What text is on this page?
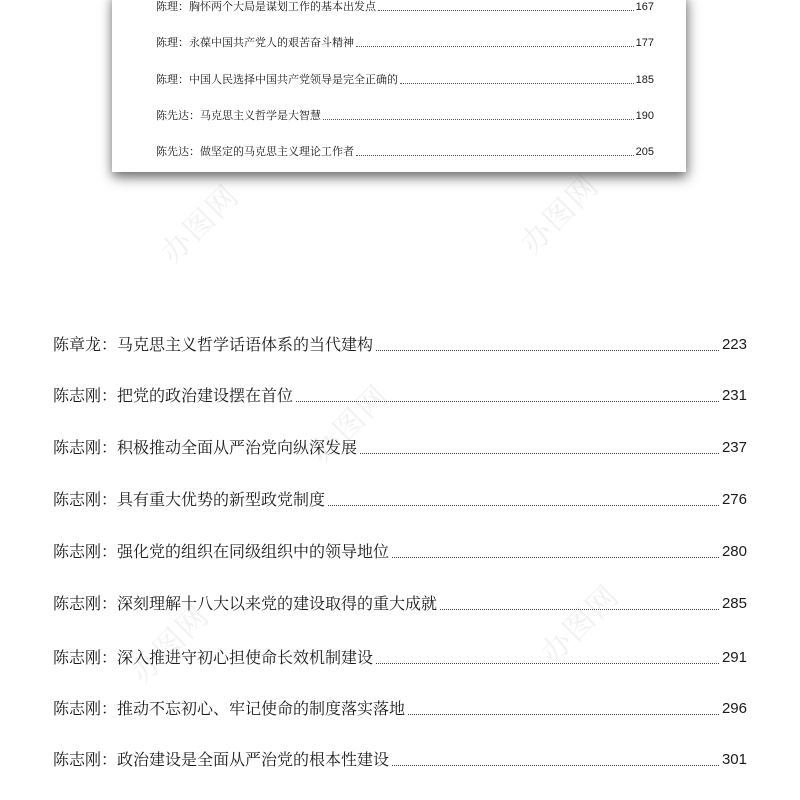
办图网	办图网
办图网
办图网	办图网
陈理：胸怀两个大局是谋划工作的基本出发点	167
陈理：永葆中国共产党人的艰苦奋斗精神	177
陈理：中国人民选择中国共产党领导是完全正确的	185
陈先达：马克思主义哲学是大智慧	190
陈先达：做坚定的马克思主义理论工作者	205
陈章龙：马克思主义哲学话语体系的当代建构	223
陈志刚：把党的政治建设摆在首位	231
陈志刚：积极推动全面从严治党向纵深发展	237
陈志刚：具有重大优势的新型政党制度	276
陈志刚：强化党的组织在同级组织中的领导地位	280
陈志刚：深刻理解十八大以来党的建设取得的重大成就	285
陈志刚：深入推进守初心担使命长效机制建设	291
陈志刚：推动不忘初心、牢记使命的制度落实落地	296
陈志刚：政治建设是全面从严治党的根本性建设	301
